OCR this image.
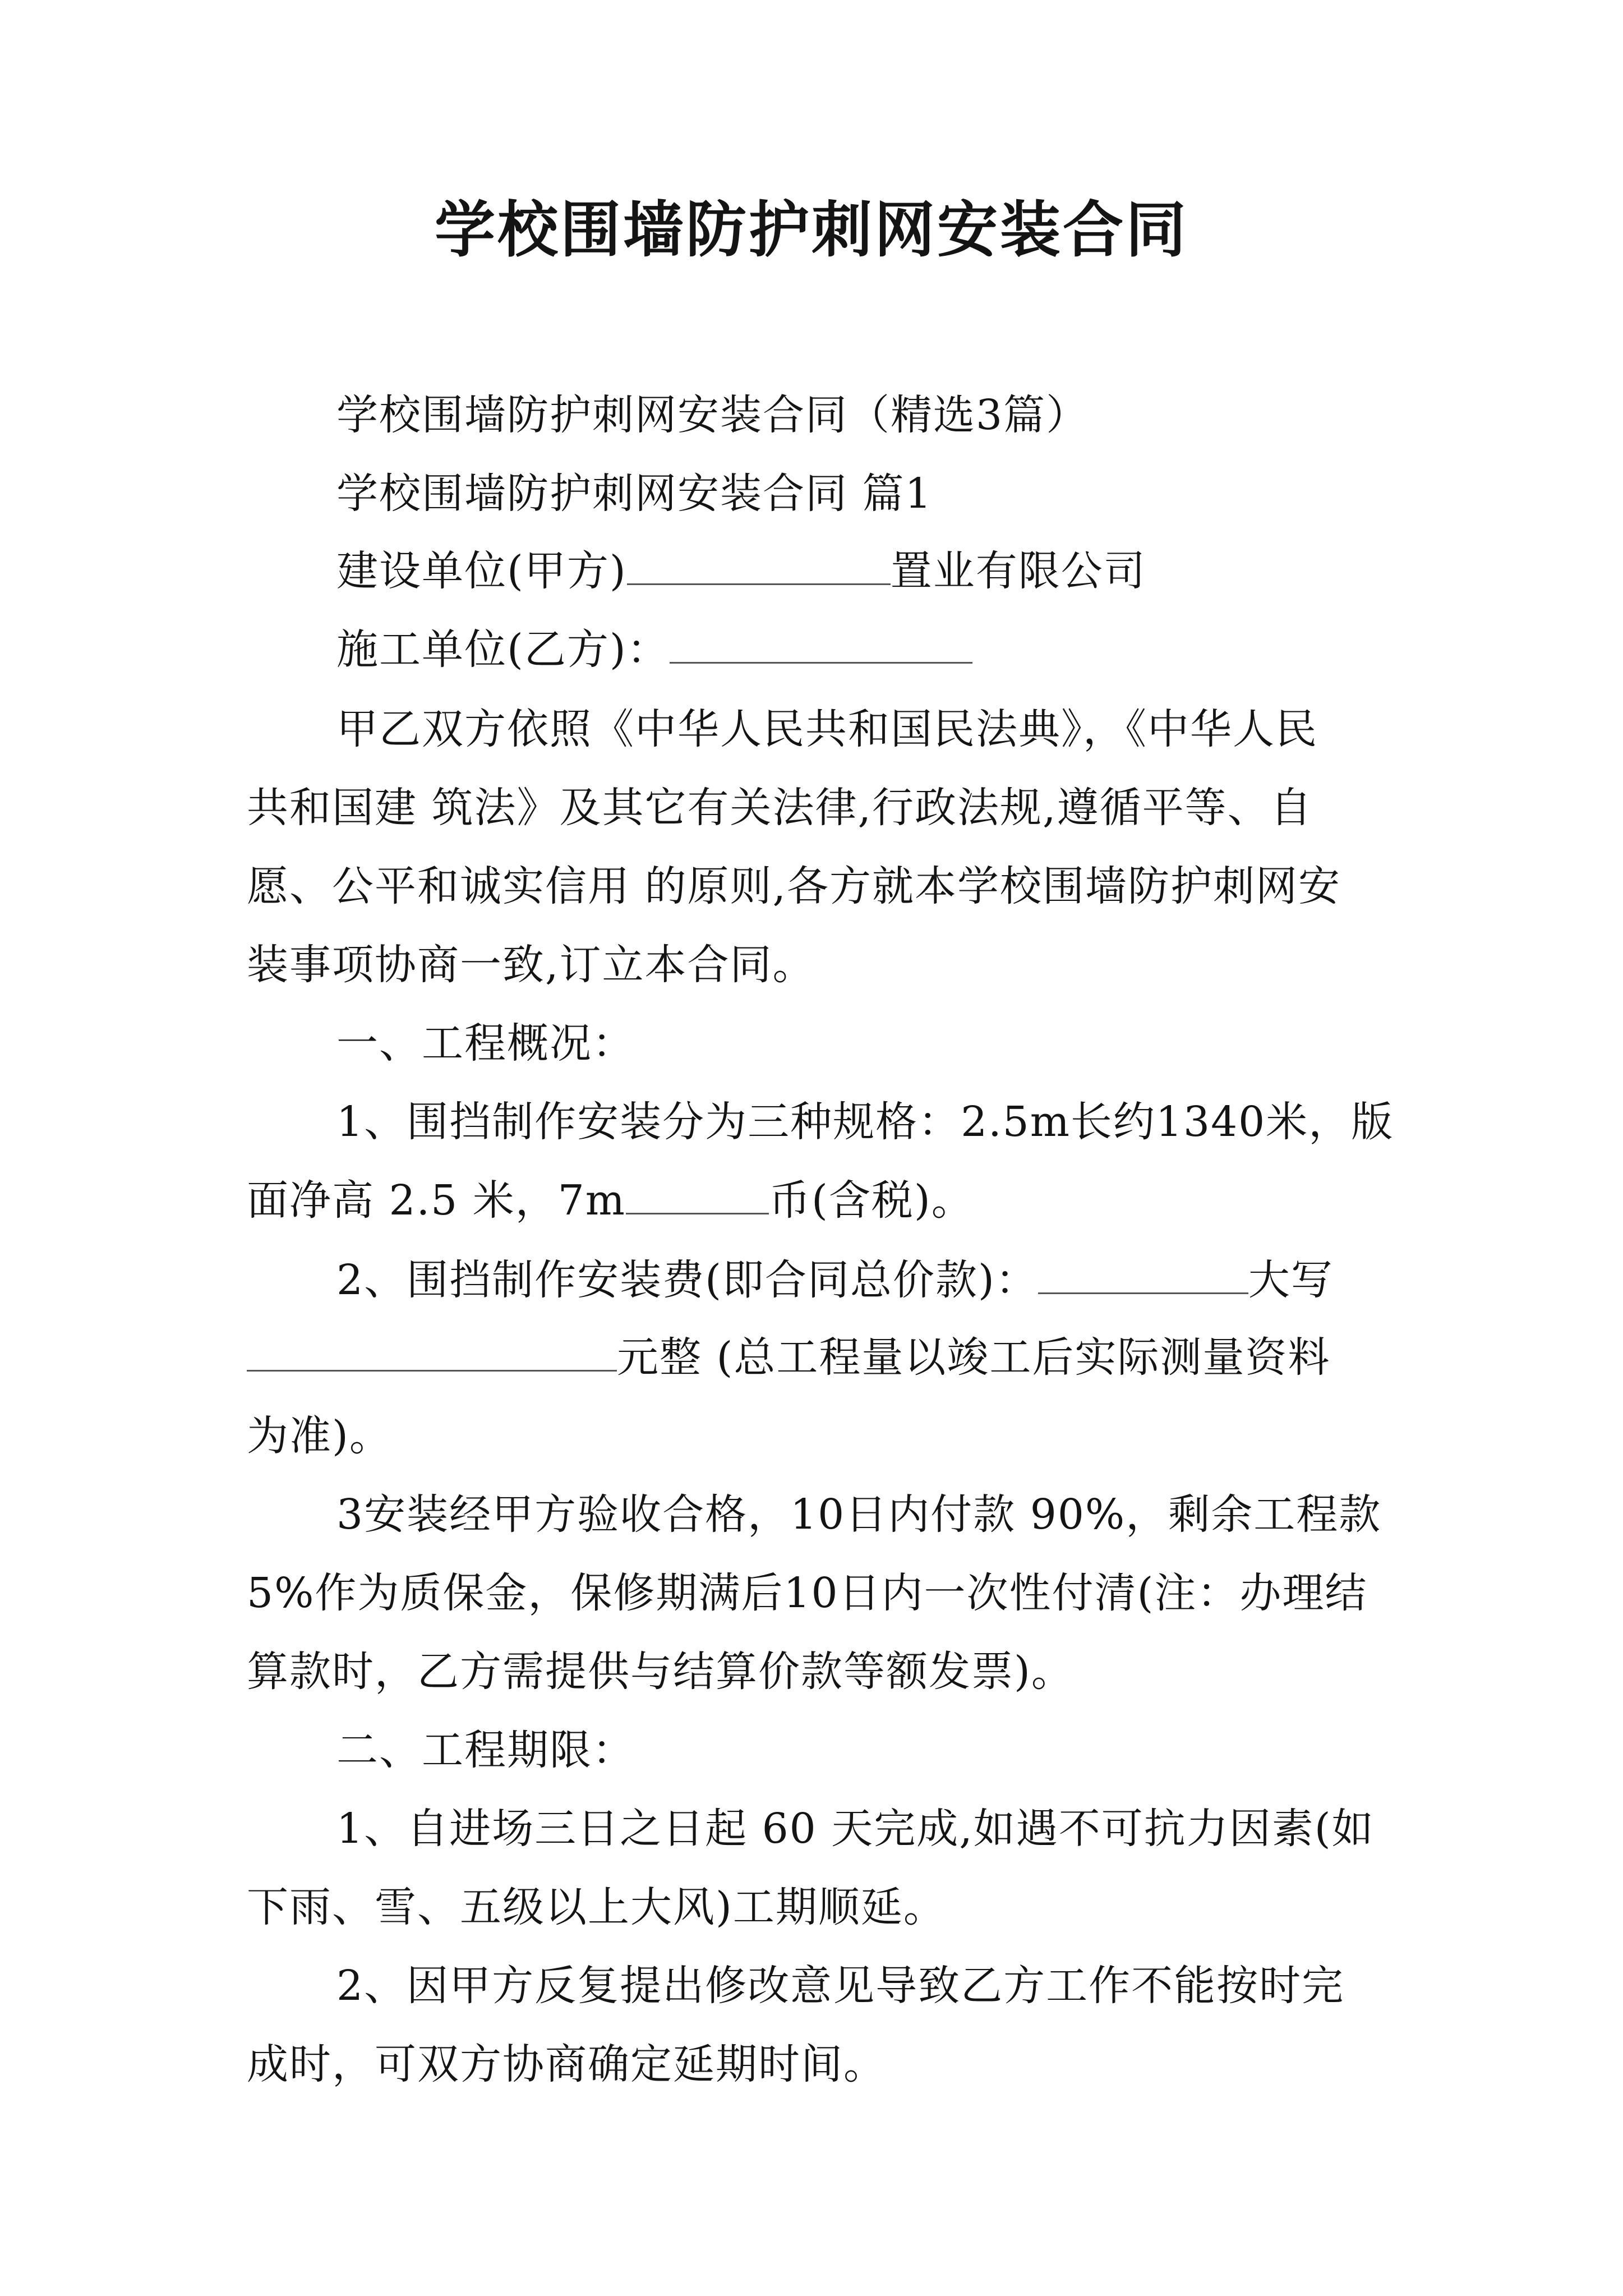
学校围墙防护刺网安装合同
学校围墙防护刺网安装合同（精选3篇）
学校围墙防护刺网安装合同 篇1
建设单位(甲方)	置业有限公司
施工单位(乙方)：
甲乙双方依照《中华人民共和国民法典》，《中华人民
共和国建 筑法》及其它有关法律,行政法规,遵循平等、自
愿、公平和诚实信用 的原则,各方就本学校围墙防护刺网安
装事项协商一致,订立本合同。
一、工程概况：
1、围挡制作安装分为三种规格：2.5m长约1340米，版
面净高 2.5 米，7m	币(含税)。
2、围挡制作安装费(即合同总价款)：	大写
元整 (总工程量以竣工后实际测量资料
为准)。
3安装经甲方验收合格，10日内付款 90%，剩余工程款
5%作为质保金，保修期满后10日内一次性付清(注：办理结
算款时，乙方需提供与结算价款等额发票)。
二、工程期限：
1、自进场三日之日起 60 天完成,如遇不可抗力因素(如
下雨、雪、五级以上大风)工期顺延。
2、因甲方反复提出修改意见导致乙方工作不能按时完
成时，可双方协商确定延期时间。
